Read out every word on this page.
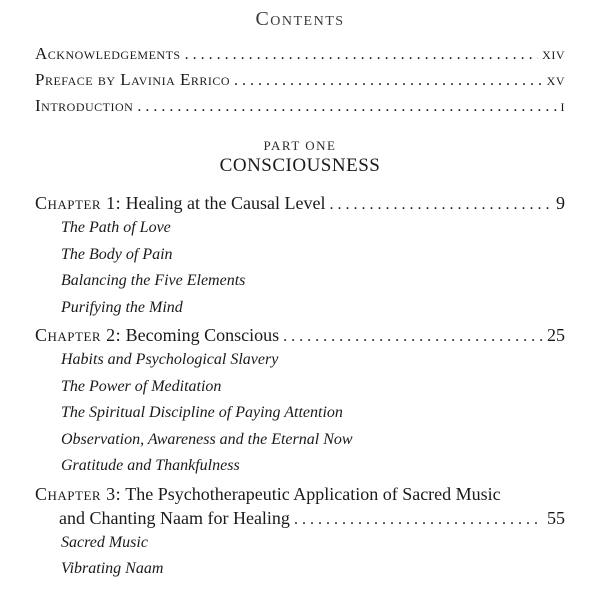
Contents
Acknowledgements . . .	xiv
Preface by Lavinia Errico . . .	xv
Introduction . . .	i
PART ONE
CONSCIOUSNESS
Chapter 1: Healing at the Causal Level . . .	9
The Path of Love
The Body of Pain
Balancing the Five Elements
Purifying the Mind
Chapter 2: Becoming Conscious . . .	25
Habits and Psychological Slavery
The Power of Meditation
The Spiritual Discipline of Paying Attention
Observation, Awareness and the Eternal Now
Gratitude and Thankfulness
Chapter 3: The Psychotherapeutic Application of Sacred Music
and Chanting Naam for Healing . . .	55
Sacred Music
Vibrating Naam
